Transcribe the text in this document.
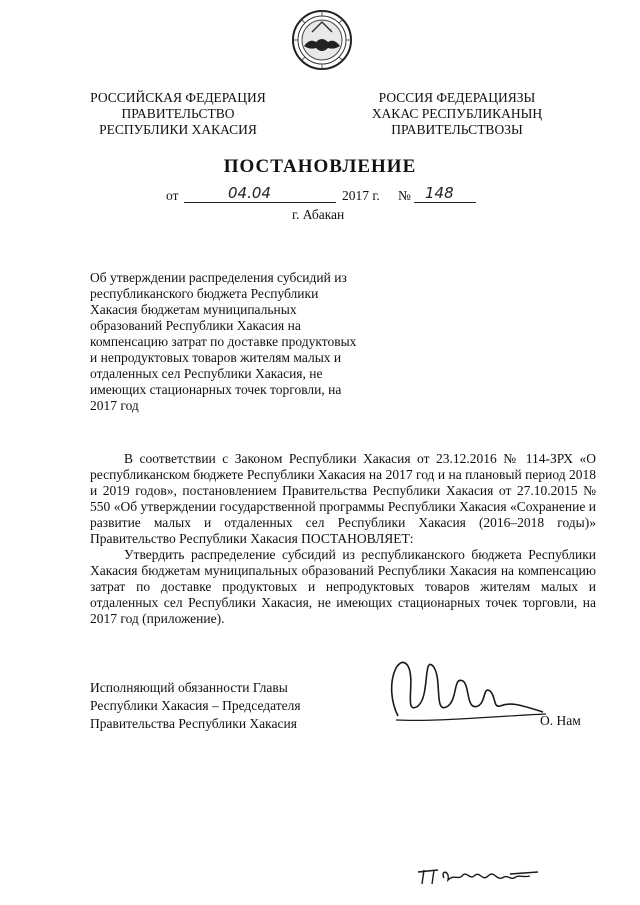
РОССИЙСКАЯ ФЕДЕРАЦИЯ
ПРАВИТЕЛЬСТВО
РЕСПУБЛИКИ ХАКАСИЯ
РОССИЯ ФЕДЕРАЦИЯЗЫ
ХАКАС РЕСПУБЛИКАНЫҢ
ПРАВИТЕЛЬСТВОЗЫ
ПОСТАНОВЛЕНИЕ
от	04.04	2017 г. № 148
г. Абакан

Об утверждении распределения субсидий из

республиканского бюджета Республики

Хакасия бюджетам муниципальных

образований Республики Хакасия на

компенсацию затрат по доставке продуктовых

и непродуктовых товаров жителям малых и

отдаленных сел Республики Хакасия, не

имеющих стационарных точек торговли, на

2017 год

В соответствии с Законом Республики Хакасия от 23.12.2016 № 114-ЗРХ «О республиканском бюджете Республики Хакасия на 2017 год и на плановый период 2018 и 2019 годов», постановлением Правительства Республики Хакасия от 27.10.2015 № 550 «Об утверждении государственной программы Республики Хакасия «Сохранение и развитие малых и отдаленных сел Республики Хакасия (2016–2018 годы)» Правительство Республики Хакасия ПОСТАНОВЛЯЕТ:

Утвердить распределение субсидий из республиканского бюджета Республики Хакасия бюджетам муниципальных образований Республики Хакасия на компенсацию затрат по доставке продуктовых и непродуктовых товаров жителям малых и отдаленных сел Республики Хакасия, не имеющих стационарных точек торговли, на 2017 год (приложение).

Исполняющий обязанности Главы
Республики Хакасия – Председателя
Правительства Республики Хакасия	О. Нам
